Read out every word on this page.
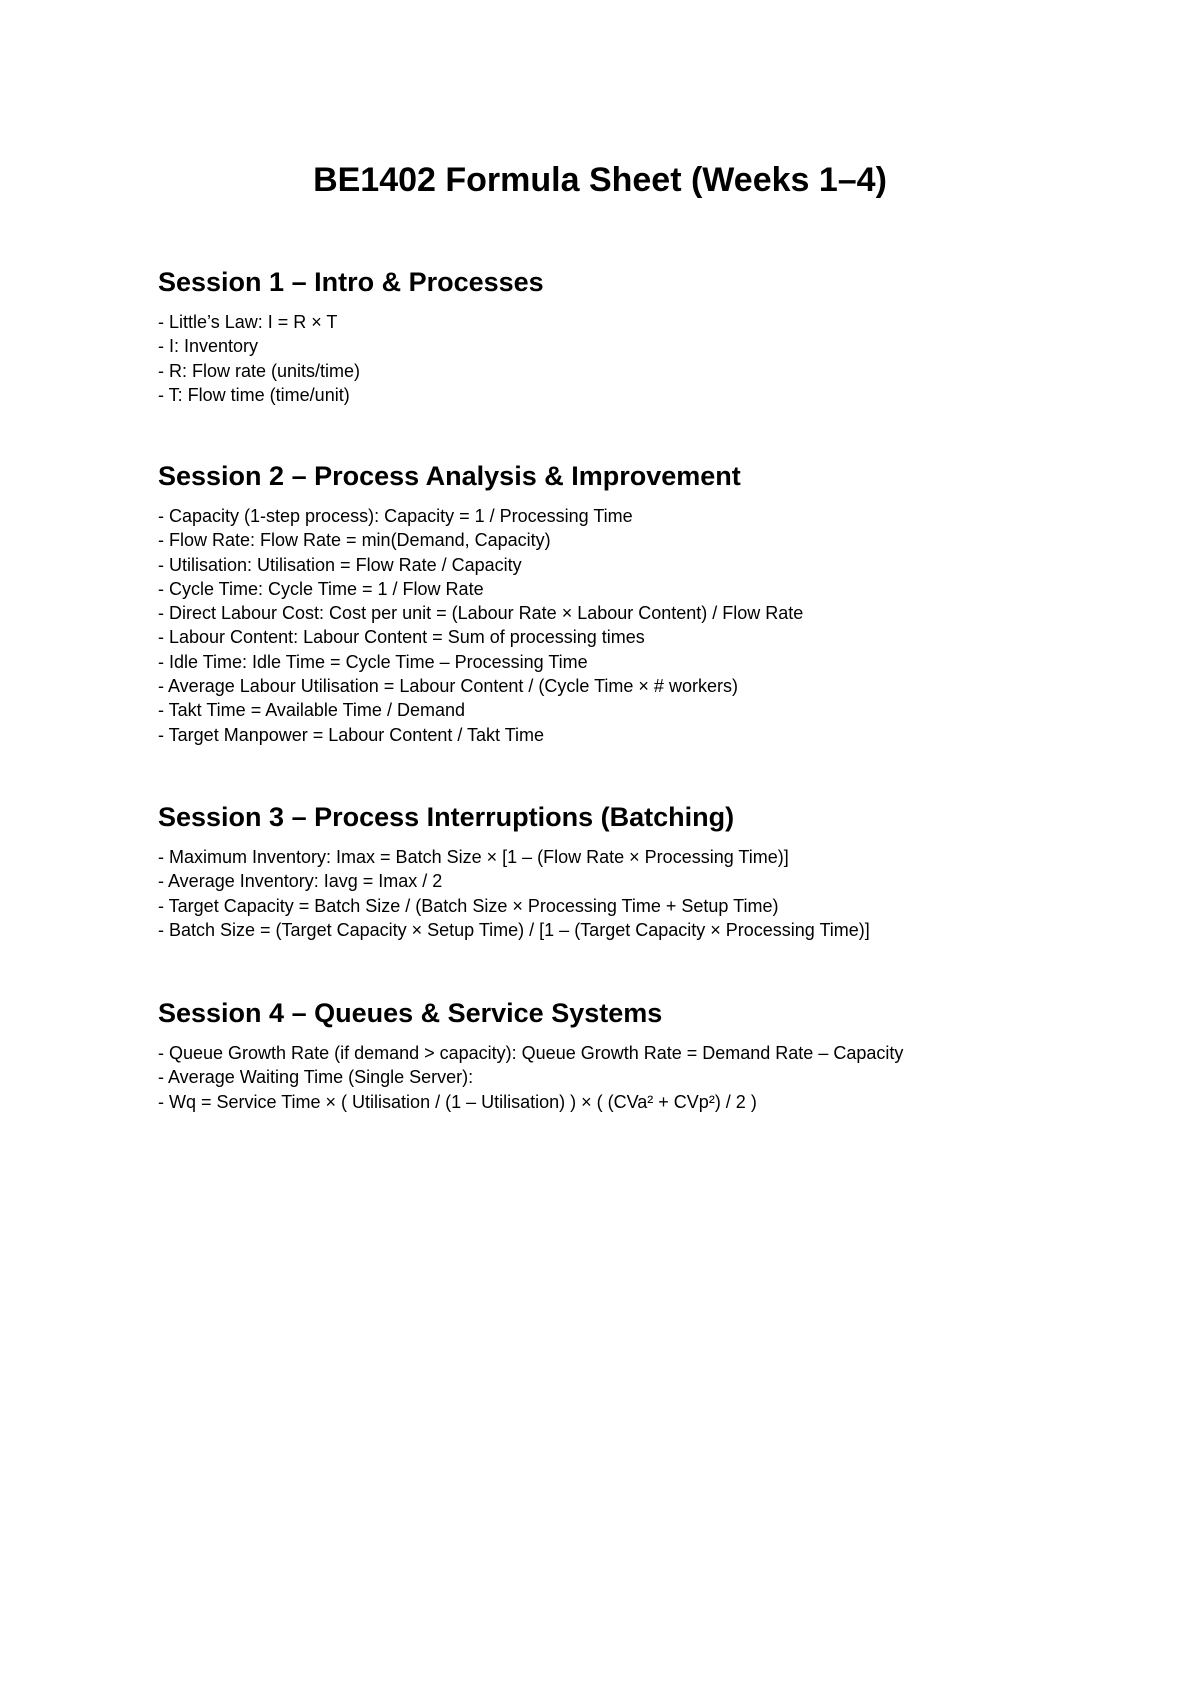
BE1402 Formula Sheet (Weeks 1–4)
Session 1 – Intro & Processes
- Little’s Law: I = R × T
- I: Inventory
- R: Flow rate (units/time)
- T: Flow time (time/unit)
Session 2 – Process Analysis & Improvement
- Capacity (1-step process): Capacity = 1 / Processing Time
- Flow Rate: Flow Rate = min(Demand, Capacity)
- Utilisation: Utilisation = Flow Rate / Capacity
- Cycle Time: Cycle Time = 1 / Flow Rate
- Direct Labour Cost: Cost per unit = (Labour Rate × Labour Content) / Flow Rate
- Labour Content: Labour Content = Sum of processing times
- Idle Time: Idle Time = Cycle Time – Processing Time
- Average Labour Utilisation = Labour Content / (Cycle Time × # workers)
- Takt Time = Available Time / Demand
- Target Manpower = Labour Content / Takt Time
Session 3 – Process Interruptions (Batching)
- Maximum Inventory: Imax = Batch Size × [1 – (Flow Rate × Processing Time)]
- Average Inventory: Iavg = Imax / 2
- Target Capacity = Batch Size / (Batch Size × Processing Time + Setup Time)
- Batch Size = (Target Capacity × Setup Time) / [1 – (Target Capacity × Processing Time)]
Session 4 – Queues & Service Systems
- Queue Growth Rate (if demand > capacity): Queue Growth Rate = Demand Rate – Capacity
- Average Waiting Time (Single Server):
- Wq = Service Time × ( Utilisation / (1 – Utilisation) ) × ( (CVa² + CVp²) / 2 )
